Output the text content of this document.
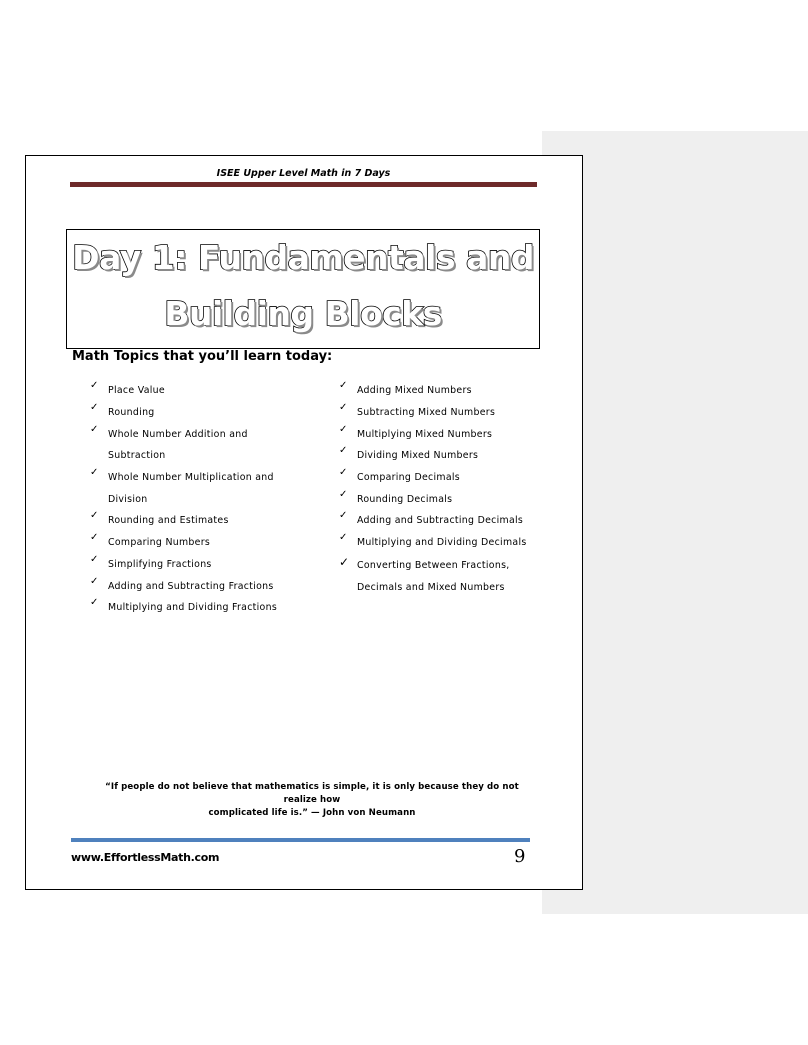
ISEE Upper Level Math in 7 Days
Day 1: Fundamentals and
Building Blocks
Math Topics that you’ll learn today:
✓ Place Value
✓ Rounding
✓ Whole Number Addition and
Subtraction
✓ Whole Number Multiplication and
Division
✓ Rounding and Estimates
✓ Comparing Numbers
✓ Simplifying Fractions
✓ Adding and Subtracting Fractions
✓ Multiplying and Dividing Fractions
✓ Adding Mixed Numbers
✓ Subtracting Mixed Numbers
✓ Multiplying Mixed Numbers
✓ Dividing Mixed Numbers
✓ Comparing Decimals
✓ Rounding Decimals
✓ Adding and Subtracting Decimals
✓ Multiplying and Dividing Decimals
✓ Converting Between Fractions,
Decimals and Mixed Numbers
“If people do not believe that mathematics is simple, it is only because they do not realize how
complicated life is.” — John von Neumann
www.EffortlessMath.com	9
